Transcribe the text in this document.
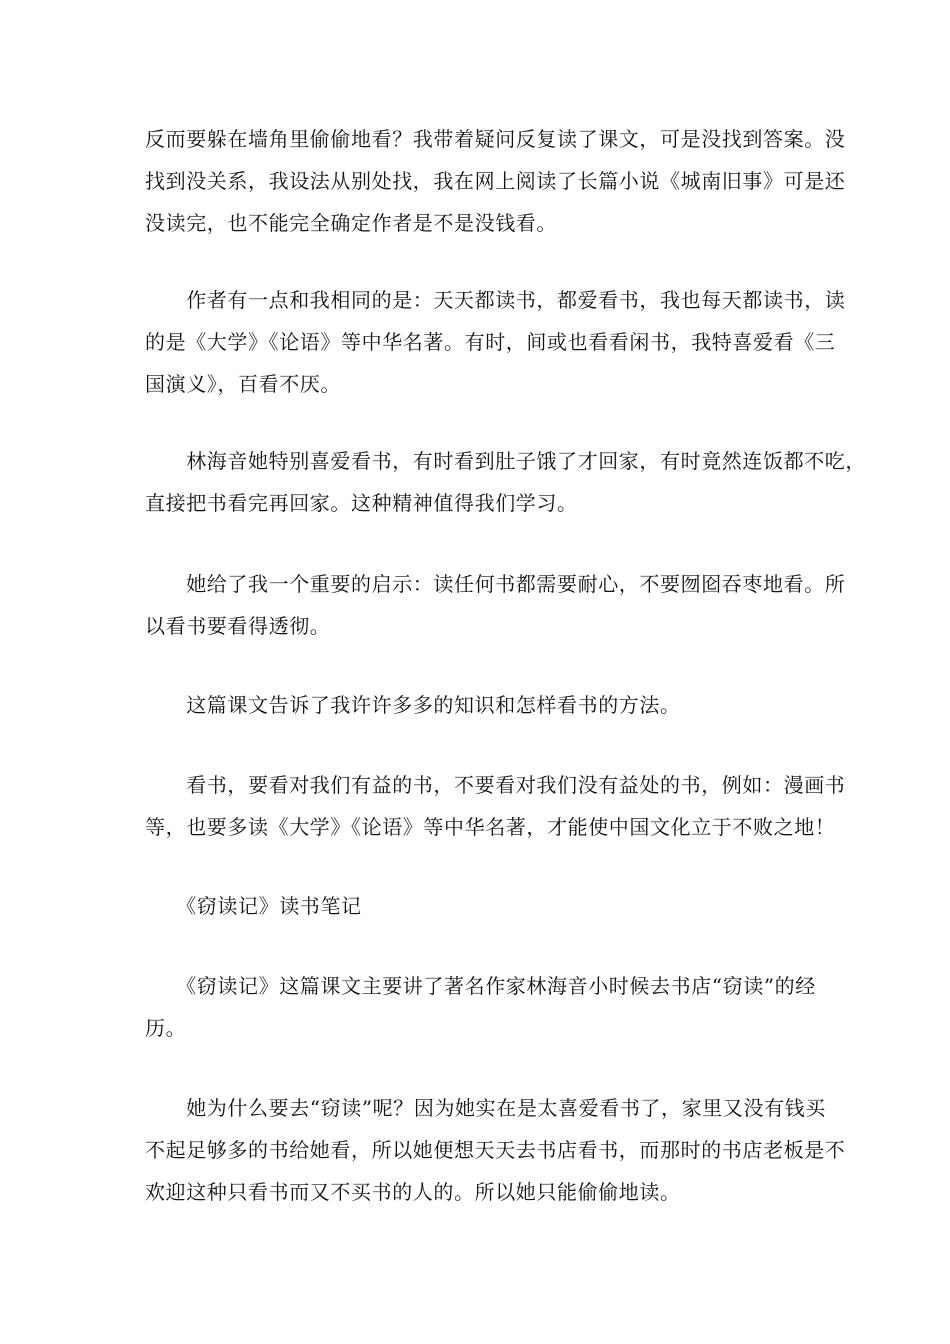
反而要躲在墙角里偷偷地看？我带着疑问反复读了课文，可是没找到答案。没
找到没关系，我设法从别处找，我在网上阅读了长篇小说《城南旧事》可是还
没读完，也不能完全确定作者是不是没钱看。

　　作者有一点和我相同的是：天天都读书，都爱看书，我也每天都读书，读
的是《大学》《论语》等中华名著。有时，间或也看看闲书，我特喜爱看《三
国演义》，百看不厌。

　　林海音她特别喜爱看书，有时看到肚子饿了才回家，有时竟然连饭都不吃，
直接把书看完再回家。这种精神值得我们学习。

　　她给了我一个重要的启示：读任何书都需要耐心，不要囫囵吞枣地看。所
以看书要看得透彻。

　　这篇课文告诉了我许许多多的知识和怎样看书的方法。

　　看书，要看对我们有益的书，不要看对我们没有益处的书，例如：漫画书
等，也要多读《大学》《论语》等中华名著，才能使中国文化立于不败之地！

　　《窃读记》读书笔记

　　《窃读记》这篇课文主要讲了著名作家林海音小时候去书店“窃读”的经
历。

　　她为什么要去“窃读”呢？因为她实在是太喜爱看书了，家里又没有钱买
不起足够多的书给她看，所以她便想天天去书店看书，而那时的书店老板是不
欢迎这种只看书而又不买书的人的。所以她只能偷偷地读。
